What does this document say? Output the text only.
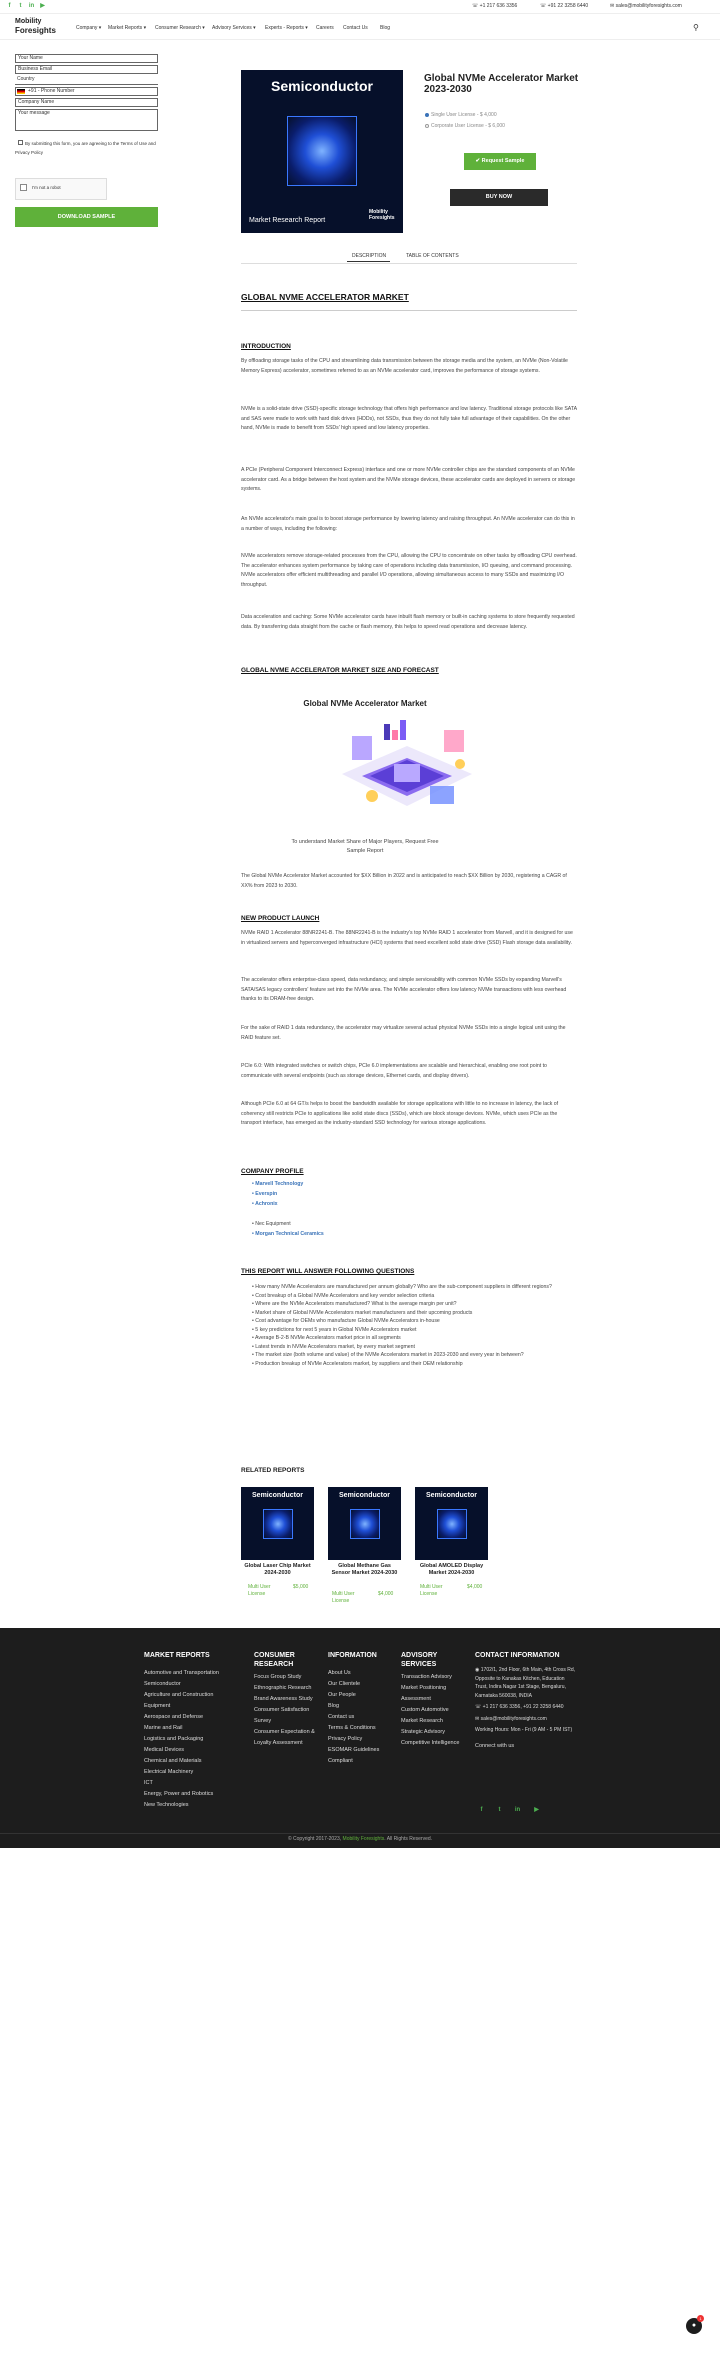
f	t	in ▶	☏ +1 217 636 3356	☏ +91 22 3258 6440	✉ sales@mobilityforesights.com
Mobility
Foresights	Company ▾ Market Reports ▾ Consumer Research ▾ Advisory Services ▾ Experts - Reports ▾ Careers Contact Us Blog	⚲
Your Name
Business Email
Country
+91 - Phone Number
Company Name
Your message
By submitting this form, you are agreeing to the Terms of Use and Privacy Policy
I'm not a robot
DOWNLOAD SAMPLE
Semiconductor
Market Research Report
Mobility Foresights
Global NVMe Accelerator Market 2023-2030
Single User License - $ 4,000
Corporate User License - $ 6,000
✔ Request Sample
BUY NOW
DESCRIPTION	TABLE OF CONTENTS
GLOBAL NVME ACCELERATOR MARKET
INTRODUCTION
By offloading storage tasks of the CPU and streamlining data transmission between the storage media and the system, an NVMe (Non-Volatile Memory Express) accelerator, sometimes referred to as an NVMe accelerator card, improves the performance of storage systems.
NVMe is a solid-state drive (SSD)-specific storage technology that offers high performance and low latency. Traditional storage protocols like SATA and SAS were made to work with hard disk drives (HDDs), not SSDs, thus they do not fully take full advantage of their capabilities. On the other hand, NVMe is made to benefit from SSDs' high speed and low latency properties.
A PCIe (Peripheral Component Interconnect Express) interface and one or more NVMe controller chips are the standard components of an NVMe accelerator card. As a bridge between the host system and the NVMe storage devices, these accelerator cards are deployed in servers or storage systems.
An NVMe accelerator's main goal is to boost storage performance by lowering latency and raising throughput. An NVMe accelerator can do this in a number of ways, including the following:
NVMe accelerators remove storage-related processes from the CPU, allowing the CPU to concentrate on other tasks by offloading CPU overhead. The accelerator enhances system performance by taking care of operations including data transmission, I/O queuing, and command processing. NVMe accelerators offer efficient multithreading and parallel I/O operations, allowing simultaneous access to many SSDs and maximizing I/O throughput.
Data acceleration and caching: Some NVMe accelerator cards have inbuilt flash memory or built-in caching systems to store frequently requested data. By transferring data straight from the cache or flash memory, this helps to speed read operations and decrease latency.
GLOBAL NVME ACCELERATOR MARKET SIZE AND FORECAST
Global NVMe Accelerator Market
To understand Market Share of Major Players, Request Free
Sample Report
The Global NVMe Accelerator Market accounted for $XX Billion in 2022 and is anticipated to reach $XX Billion by 2030, registering a CAGR of XX% from 2023 to 2030.
NEW PRODUCT LAUNCH
NVMe RAID 1 Accelerator 88NR2241-B. The 88NR2241-B is the industry's top NVMe RAID 1 accelerator from Marvell, and it is designed for use in virtualized servers and hyperconverged infrastructure (HCI) systems that need excellent solid state drive (SSD) Flash storage data availability.
The accelerator offers enterprise-class speed, data redundancy, and simple serviceability with common NVMe SSDs by expanding Marvell's SATA/SAS legacy controllers' feature set into the NVMe area. The NVMe accelerator offers low latency NVMe transactions with less overhead thanks to its DRAM-free design.
For the sake of RAID 1 data redundancy, the accelerator may virtualize several actual physical NVMe SSDs into a single logical unit using the RAID feature set.
PCIe 6.0: With integrated switches or switch chips, PCIe 6.0 implementations are scalable and hierarchical, enabling one root point to communicate with several endpoints (such as storage devices, Ethernet cards, and display drivers).
Although PCIe 6.0 at 64 GT/s helps to boost the bandwidth available for storage applications with little to no increase in latency, the lack of coherency still restricts PCIe to applications like solid state discs (SSDs), which are block storage devices. NVMe, which uses PCIe as the transport interface, has emerged as the industry-standard SSD technology for various storage applications.
COMPANY PROFILE
• Marvell Technology
• Everspin
• Achronix
• Nec Equipment
• Morgan Technical Ceramics
THIS REPORT WILL ANSWER FOLLOWING QUESTIONS
• How many NVMe Accelerators are manufactured per annum globally? Who are the sub-component suppliers in different regions?
• Cost breakup of a Global NVMe Accelerators and key vendor selection criteria
• Where are the NVMe Accelerators manufactured? What is the average margin per unit?
• Market share of Global NVMe Accelerators market manufacturers and their upcoming products
• Cost advantage for OEMs who manufacture Global NVMe Accelerators in-house
• 5 key predictions for next 5 years in Global NVMe Accelerators market
• Average B-2-B NVMe Accelerators market price in all segments
• Latest trends in NVMe Accelerators market, by every market segment
• The market size (both volume and value) of the NVMe Accelerators market in 2023-2030 and every year in between?
• Production breakup of NVMe Accelerators market, by suppliers and their OEM relationship
RELATED REPORTS
Semiconductor
Global Laser Chip Market 2024-2030
Multi User License
$5,000
Semiconductor
Global Methane Gas Sensor Market 2024-2030
Multi User License
$4,000
Semiconductor
Global AMOLED Display Market 2024-2030
Multi User License
$4,000
MARKET REPORTS
Automotive and Transportation
Semiconductor
Agriculture and Construction Equipment
Aerospace and Defense
Marine and Rail
Logistics and Packaging
Medical Devices
Chemical and Materials
Electrical Machinery
ICT
Energy, Power and Robotics
New Technologies
CONSUMER RESEARCH
Focus Group Study
Ethnographic Research
Brand Awareness Study
Consumer Satisfaction Survey
Consumer Expectation & Loyalty Assessment
INFORMATION
About Us
Our Clientele
Our People
Blog
Contact us
Terms & Conditions
Privacy Policy
ESOMAR Guidelines Compliant
ADVISORY SERVICES
Transaction Advisory
Market Positioning Assessment
Custom Automotive Market Research
Strategic Advisory
Competitive Intelligence
CONTACT INFORMATION
◉ 1702/1, 2nd Floor, 6th Main, 4th Cross Rd, Opposite to Kanakas Kitchen, Education Trust, Indira Nagar 1st Stage, Bengaluru, Karnataka 560038, INDIA
☏ +1 217 636 3356, +91 22 3258 6440
✉ sales@mobilityforesights.com
Working Hours: Mon - Fri (9 AM - 5 PM IST)
Connect with us
f	t	in ▶
© Copyright 2017-2023, Mobility Foresights. All Rights Reserved.
●
1
